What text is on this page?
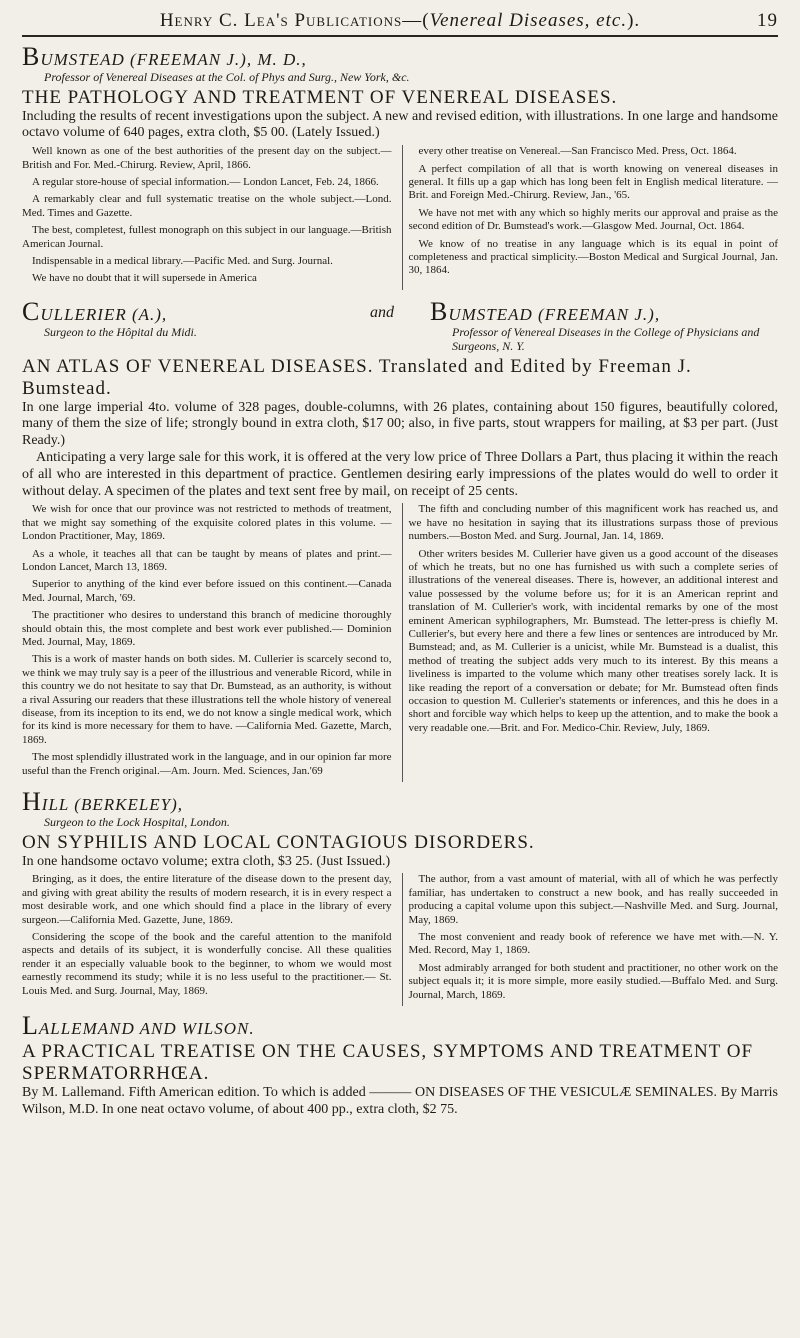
Henry C. Lea's Publications—(Venereal Diseases, etc.).	19
BUMSTEAD (FREEMAN J.), M. D.,
Professor of Venereal Diseases at the Col. of Phys and Surg., New York, &c.
THE PATHOLOGY AND TREATMENT OF VENEREAL DISEASES.
Including the results of recent investigations upon the subject. A new and revised edition, with illustrations. In one large and handsome octavo volume of 640 pages, extra cloth, $5 00. (Lately Issued.)

Well known as one of the best authorities of the present day on the subject.—British and For. Med.-Chirurg. Review, April, 1866.

A regular store-house of special information.— London Lancet, Feb. 24, 1866.

A remarkably clear and full systematic treatise on the whole subject.—Lond. Med. Times and Gazette.

The best, completest, fullest monograph on this subject in our language.—British American Journal.

Indispensable in a medical library.—Pacific Med. and Surg. Journal.

We have no doubt that it will supersede in America

every other treatise on Venereal.—San Francisco Med. Press, Oct. 1864.

A perfect compilation of all that is worth knowing on venereal diseases in general. It fills up a gap which has long been felt in English medical literature. —Brit. and Foreign Med.-Chirurg. Review, Jan., '65.

We have not met with any which so highly merits our approval and praise as the second edition of Dr. Bumstead's work.—Glasgow Med. Journal, Oct. 1864.

We know of no treatise in any language which is its equal in point of completeness and practical simplicity.—Boston Medical and Surgical Journal, Jan. 30, 1864.

CULLERIER (A.),
Surgeon to the Hôpital du Midi.
and	BUMSTEAD (FREEMAN J.),
Professor of Venereal Diseases in the College of Physicians and Surgeons, N. Y.
AN ATLAS OF VENEREAL DISEASES. Translated and Edited by Freeman J. Bumstead.
In one large imperial 4to. volume of 328 pages, double-columns, with 26 plates, containing about 150 figures, beautifully colored, many of them the size of life; strongly bound in extra cloth, $17 00; also, in five parts, stout wrappers for mailing, at $3 per part. (Just Ready.)
Anticipating a very large sale for this work, it is offered at the very low price of Three Dollars a Part, thus placing it within the reach of all who are interested in this department of practice. Gentlemen desiring early impressions of the plates would do well to order it without delay. A specimen of the plates and text sent free by mail, on receipt of 25 cents.

We wish for once that our province was not restricted to methods of treatment, that we might say something of the exquisite colored plates in this volume. —London Practitioner, May, 1869.

As a whole, it teaches all that can be taught by means of plates and print.—London Lancet, March 13, 1869.

Superior to anything of the kind ever before issued on this continent.—Canada Med. Journal, March, '69.

The practitioner who desires to understand this branch of medicine thoroughly should obtain this, the most complete and best work ever published.— Dominion Med. Journal, May, 1869.

This is a work of master hands on both sides. M. Cullerier is scarcely second to, we think we may truly say is a peer of the illustrious and venerable Ricord, while in this country we do not hesitate to say that Dr. Bumstead, as an authority, is without a rival Assuring our readers that these illustrations tell the whole history of venereal disease, from its inception to its end, we do not know a single medical work, which for its kind is more necessary for them to have. —California Med. Gazette, March, 1869.

The most splendidly illustrated work in the language, and in our opinion far more useful than the French original.—Am. Journ. Med. Sciences, Jan.'69

The fifth and concluding number of this magnificent work has reached us, and we have no hesitation in saying that its illustrations surpass those of previous numbers.—Boston Med. and Surg. Journal, Jan. 14, 1869.

Other writers besides M. Cullerier have given us a good account of the diseases of which he treats, but no one has furnished us with such a complete series of illustrations of the venereal diseases. There is, however, an additional interest and value possessed by the volume before us; for it is an American reprint and translation of M. Cullerier's work, with incidental remarks by one of the most eminent American syphilographers, Mr. Bumstead. The letter-press is chiefly M. Cullerier's, but every here and there a few lines or sentences are introduced by Mr. Bumstead; and, as M. Cullerier is a unicist, while Mr. Bumstead is a dualist, this method of treating the subject adds very much to its interest. By this means a liveliness is imparted to the volume which many other treatises sorely lack. It is like reading the report of a conversation or debate; for Mr. Bumstead often finds occasion to question M. Cullerier's statements or inferences, and this he does in a short and forcible way which helps to keep up the attention, and to make the book a very readable one.—Brit. and For. Medico-Chir. Review, July, 1869.

HILL (BERKELEY),
Surgeon to the Lock Hospital, London.
ON SYPHILIS AND LOCAL CONTAGIOUS DISORDERS.
In one handsome octavo volume; extra cloth, $3 25. (Just Issued.)

Bringing, as it does, the entire literature of the disease down to the present day, and giving with great ability the results of modern research, it is in every respect a most desirable work, and one which should find a place in the library of every surgeon.—California Med. Gazette, June, 1869.

Considering the scope of the book and the careful attention to the manifold aspects and details of its subject, it is wonderfully concise. All these qualities render it an especially valuable book to the beginner, to whom we would most earnestly recommend its study; while it is no less useful to the practitioner.— St. Louis Med. and Surg. Journal, May, 1869.

The author, from a vast amount of material, with all of which he was perfectly familiar, has undertaken to construct a new book, and has really succeeded in producing a capital volume upon this subject.—Nashville Med. and Surg. Journal, May, 1869.

The most convenient and ready book of reference we have met with.—N. Y. Med. Record, May 1, 1869.

Most admirably arranged for both student and practitioner, no other work on the subject equals it; it is more simple, more easily studied.—Buffalo Med. and Surg. Journal, March, 1869.

LALLEMAND AND WILSON.
A PRACTICAL TREATISE ON THE CAUSES, SYMPTOMS AND TREATMENT OF SPERMATORRHŒA.
By M. Lallemand. Fifth American edition. To which is added ——— ON DISEASES OF THE VESICULÆ SEMINALES. By Marris Wilson, M.D. In one neat octavo volume, of about 400 pp., extra cloth, $2 75.
